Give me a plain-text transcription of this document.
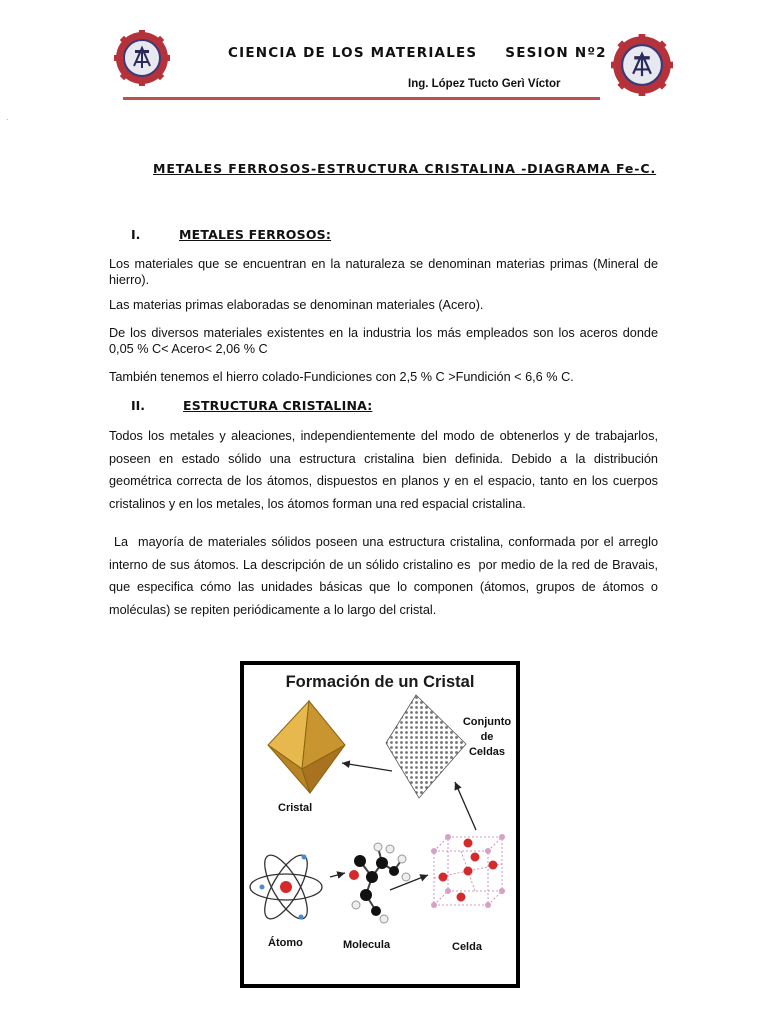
CIENCIA DE LOS MATERIALES SESION Nº2
Ing. López Tucto Gerì Víctor
·
METALES FERROSOS-ESTRUCTURA CRISTALINA -DIAGRAMA Fe-C.
I.	METALES FERROSOS:
Los materiales que se encuentran en la naturaleza se denominan materias primas (Mineral de hierro).
Las materias primas elaboradas se denominan materiales (Acero).
De los diversos materiales existentes en la industria los más empleados son los aceros donde 0,05 % C< Acero< 2,06 % C
También tenemos el hierro colado-Fundiciones con 2,5 % C >Fundición < 6,6 % C.
II.	ESTRUCTURA CRISTALINA:
Todos los metales y aleaciones, independientemente del modo de obtenerlos y de trabajarlos, poseen en estado sólido una estructura cristalina bien definida. Debido a la distribución geométrica correcta de los átomos, dispuestos en planos y en el espacio, tanto en los cuerpos cristalinos y en los metales, los átomos forman una red espacial cristalina.
La  mayoría de materiales sólidos poseen una estructura cristalina, conformada por el arreglo interno de sus átomos. La descripción de un sólido cristalino es  por medio de la red de Bravais, que especifica cómo las unidades básicas que lo componen (átomos, grupos de átomos o moléculas) se repiten periódicamente a lo largo del cristal.
Formación de un Cristal
Cristal
Conjunto
de
Celdas
Átomo	Molecula	Celda
